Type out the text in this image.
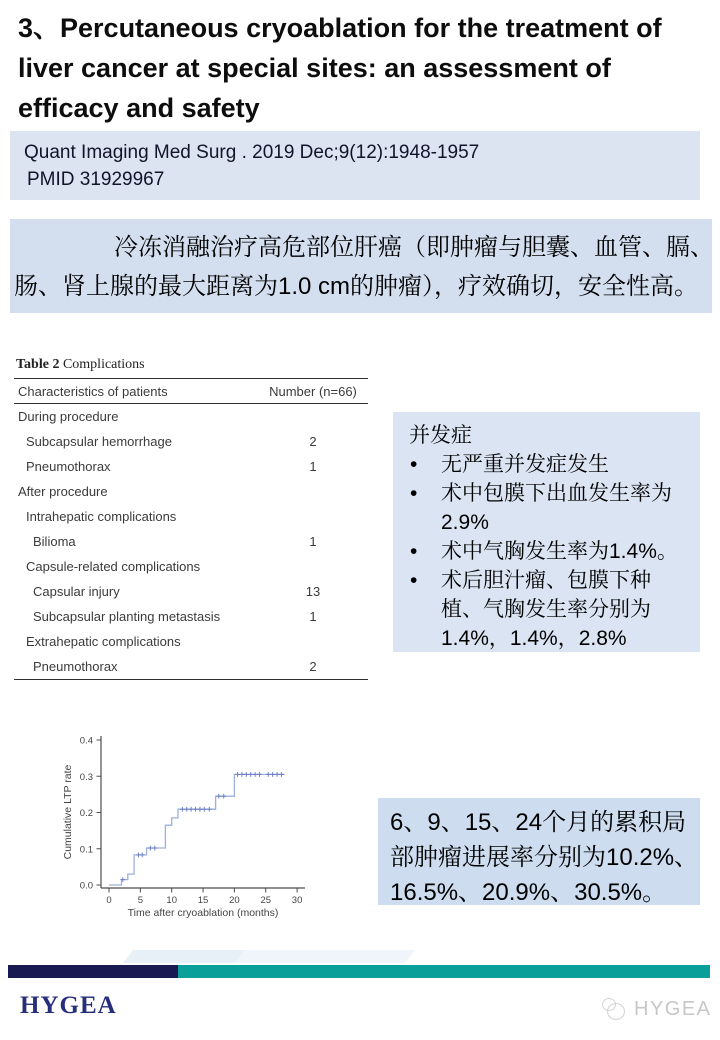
3、Percutaneous cryoablation for the treatment of liver cancer at special sites: an assessment of efficacy and safety
Quant Imaging Med Surg . 2019 Dec;9(12):1948-1957
PMID 31929967
冷冻消融治疗高危部位肝癌（即肿瘤与胆囊、血管、膈、
肠、肾上腺的最大距离为1.0 cm的肿瘤），疗效确切，安全性高。
Table 2 Complications
Characteristics of patients	Number (n=66)
During procedure
Subcapsular hemorrhage	2
Pneumothorax	1
After procedure
Intrahepatic complications
Bilioma	1
Capsule-related complications
Capsular injury	13
Subcapsular planting metastasis	1
Extrahepatic complications
Pneumothorax	2
并发症
• 无严重并发症发生
• 术中包膜下出血发生率为2.9%
• 术中气胸发生率为1.4%。
• 术后胆汁瘤、包膜下种植、气胸发生率分别为1.4%，1.4%，2.8%
0.0
0.1
0.2
0.3
0.4
0	5 10 15 20 25 30
Time after cryoablation (months)
Cumulative LTP rate	6、9、15、24个月的累积局
部肿瘤进展率分别为10.2%、
16.5%、20.9%、30.5%。
HYGEA	HYGEA
